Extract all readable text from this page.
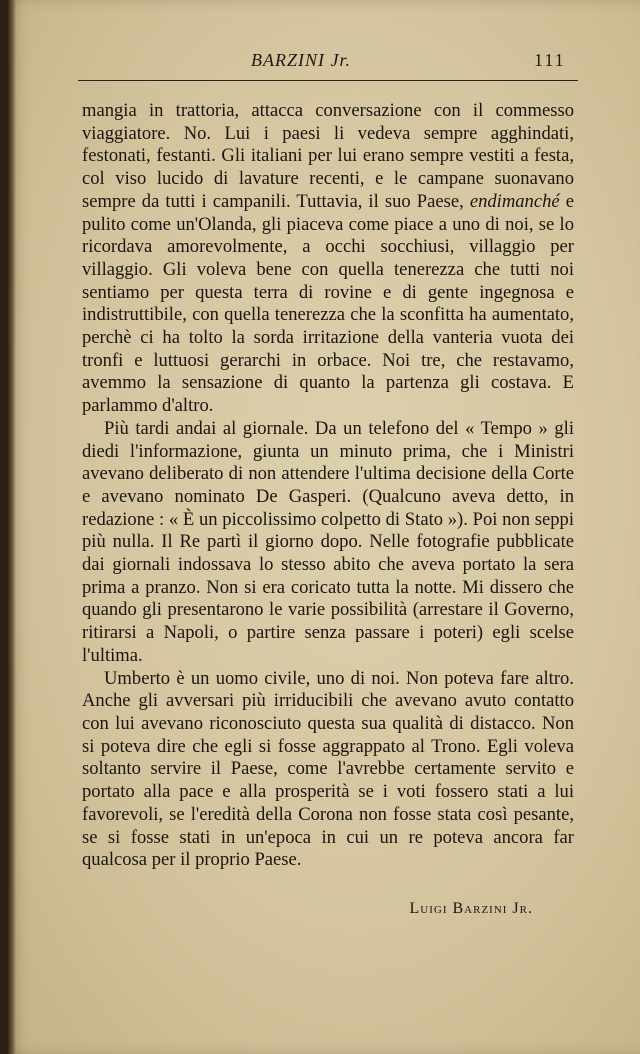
BARZINI Jr.	111

mangia in trattoria, attacca conversazione con il commesso viaggiatore. No. Lui i paesi li vedeva sempre agghindati, festonati, festanti. Gli italiani per lui erano sempre vestiti a festa, col viso lucido di lavature recenti, e le campane suonavano sempre da tutti i campanili. Tuttavia, il suo Paese, endimanché e pulito come un'Olanda, gli piaceva come piace a uno di noi, se lo ricordava amorevolmente, a occhi socchiusi, villaggio per villaggio. Gli voleva bene con quella tenerezza che tutti noi sentiamo per questa terra di rovine e di gente ingegnosa e indistruttibile, con quella tenerezza che la sconfitta ha aumentato, perchè ci ha tolto la sorda irritazione della vanteria vuota dei tronfi e luttuosi gerarchi in orbace. Noi tre, che restavamo, avemmo la sensazione di quanto la partenza gli costava. E parlammo d'altro.

Più tardi andai al giornale. Da un telefono del « Tempo » gli diedi l'informazione, giunta un minuto prima, che i Ministri avevano deliberato di non attendere l'ultima decisione della Corte e avevano nominato De Gasperi. (Qualcuno aveva detto, in redazione : « È un piccolissimo colpetto di Stato »). Poi non seppi più nulla. Il Re partì il giorno dopo. Nelle fotografie pubblicate dai giornali indossava lo stesso abito che aveva portato la sera prima a pranzo. Non si era coricato tutta la notte. Mi dissero che quando gli presentarono le varie possibilità (arrestare il Governo, ritirarsi a Napoli, o partire senza passare i poteri) egli scelse l'ultima.

Umberto è un uomo civile, uno di noi. Non poteva fare altro. Anche gli avversari più irriducibili che avevano avuto contatto con lui avevano riconosciuto questa sua qualità di distacco. Non si poteva dire che egli si fosse aggrappato al Trono. Egli voleva soltanto servire il Paese, come l'avrebbe certamente servito e portato alla pace e alla prosperità se i voti fossero stati a lui favorevoli, se l'eredità della Corona non fosse stata così pesante, se si fosse stati in un'epoca in cui un re poteva ancora far qualcosa per il proprio Paese.

Luigi Barzini Jr.
